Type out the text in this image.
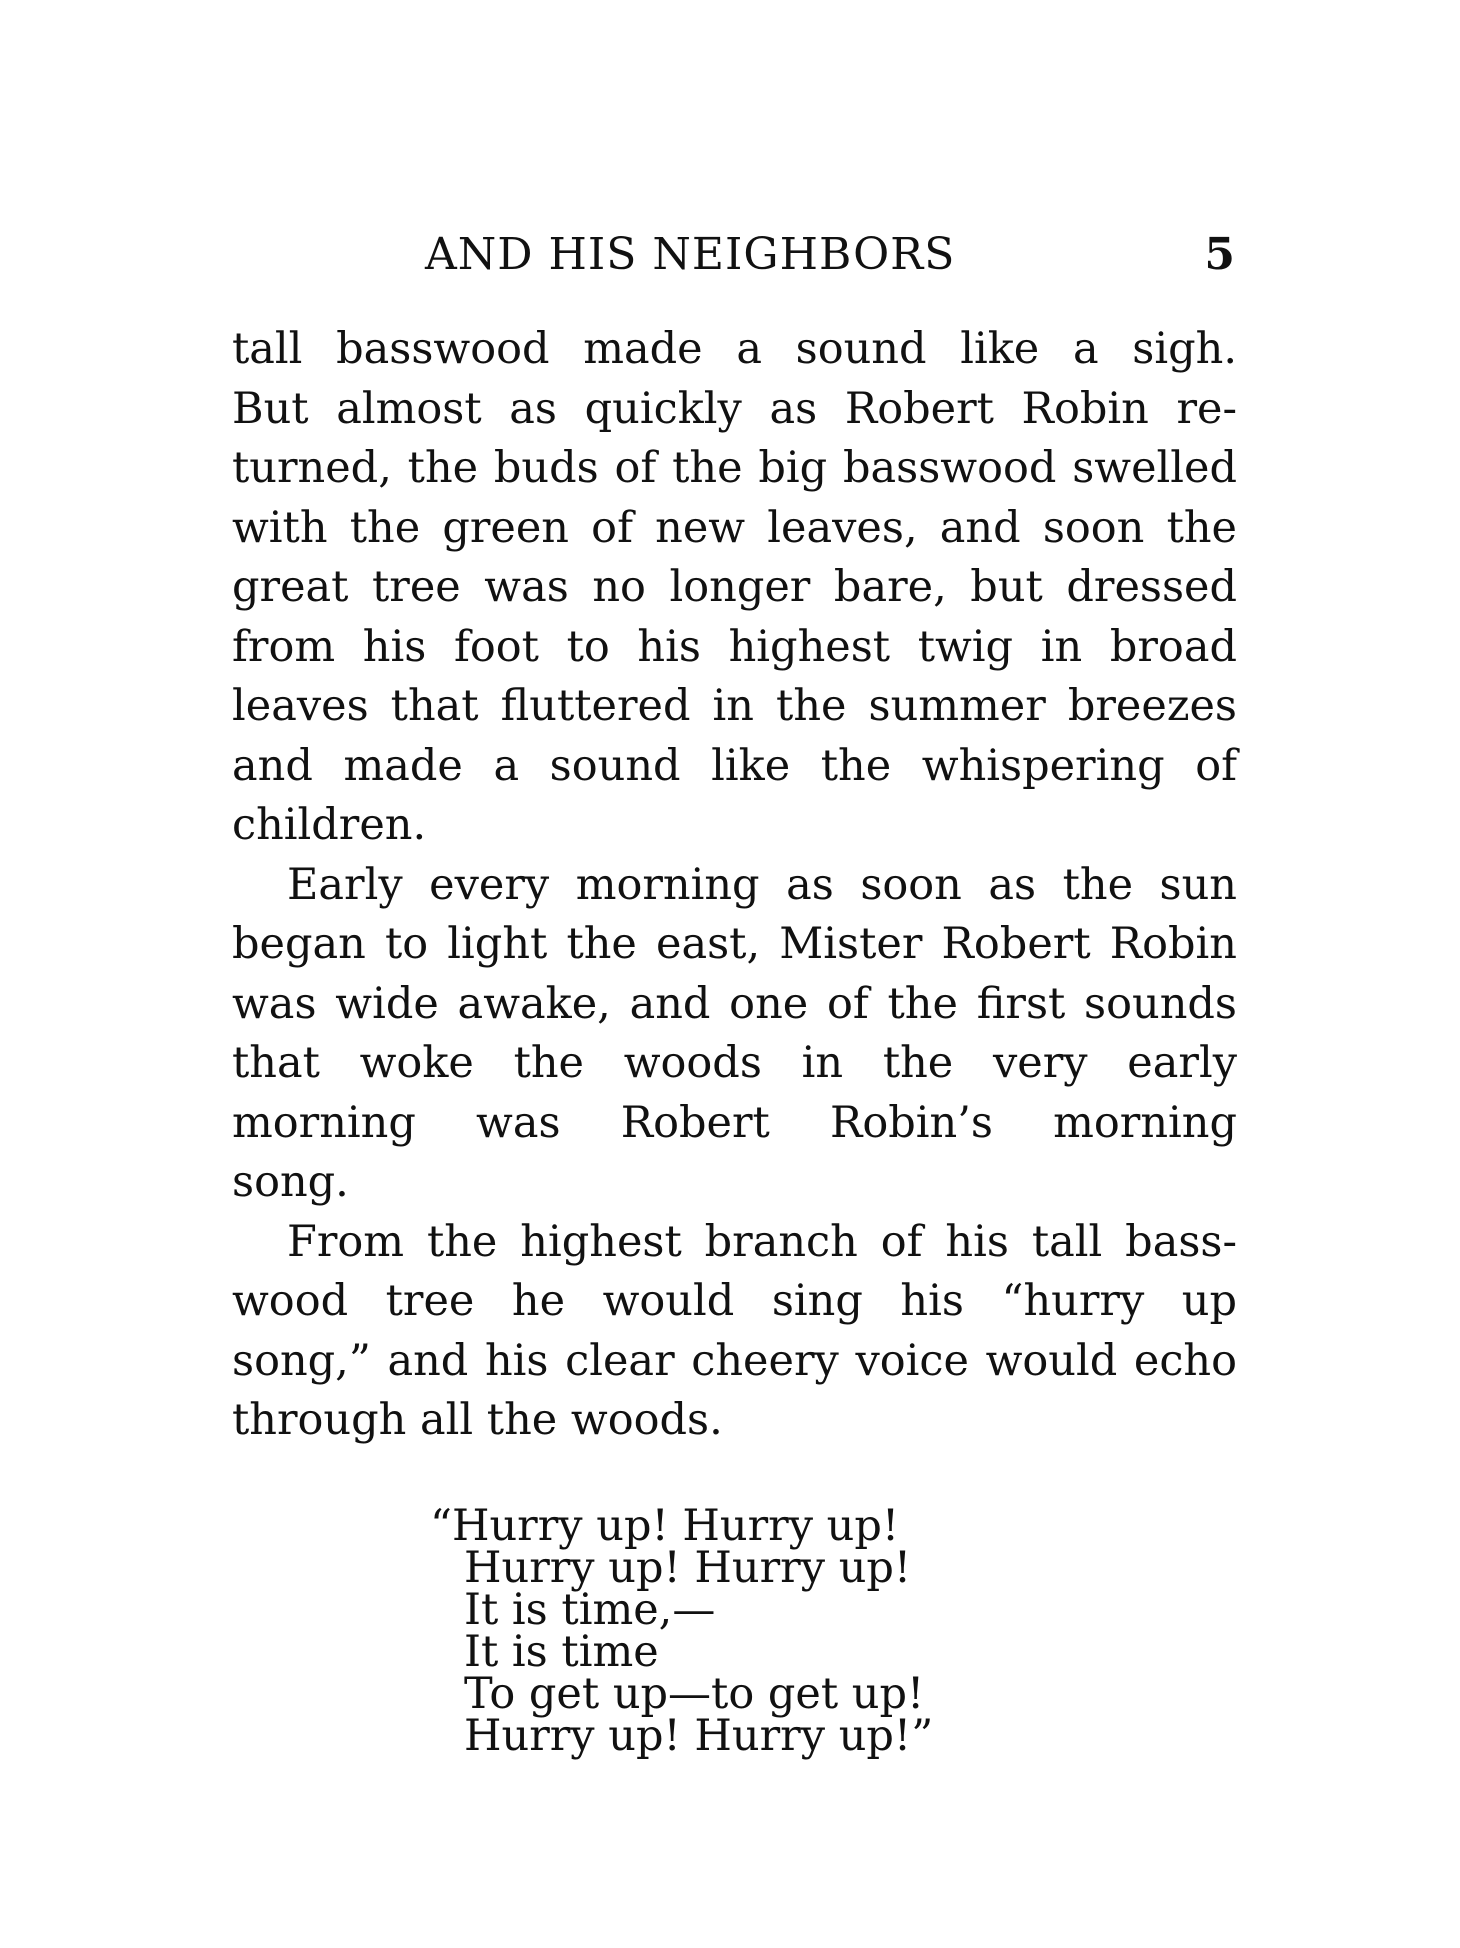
AND HIS NEIGHBORS	5

tall basswood made a sound like a sigh.
But almost as quickly as Robert Robin re-
turned, the buds of the big basswood swelled
with the green of new leaves, and soon the
great tree was no longer bare, but dressed
from his foot to his highest twig in broad
leaves that fluttered in the summer breezes
and made a sound like the whispering of
children.

Early every morning as soon as the sun
began to light the east, Mister Robert Robin
was wide awake, and one of the first sounds
that woke the woods in the very early
morning was Robert Robin’s morning
song.

From the highest branch of his tall bass-
wood tree he would sing his “hurry up
song,” and his clear cheery voice would echo
through all the woods.

“Hurry up! Hurry up!
Hurry up! Hurry up!
It is time,—
It is time
To get up—to get up!
Hurry up! Hurry up!”
